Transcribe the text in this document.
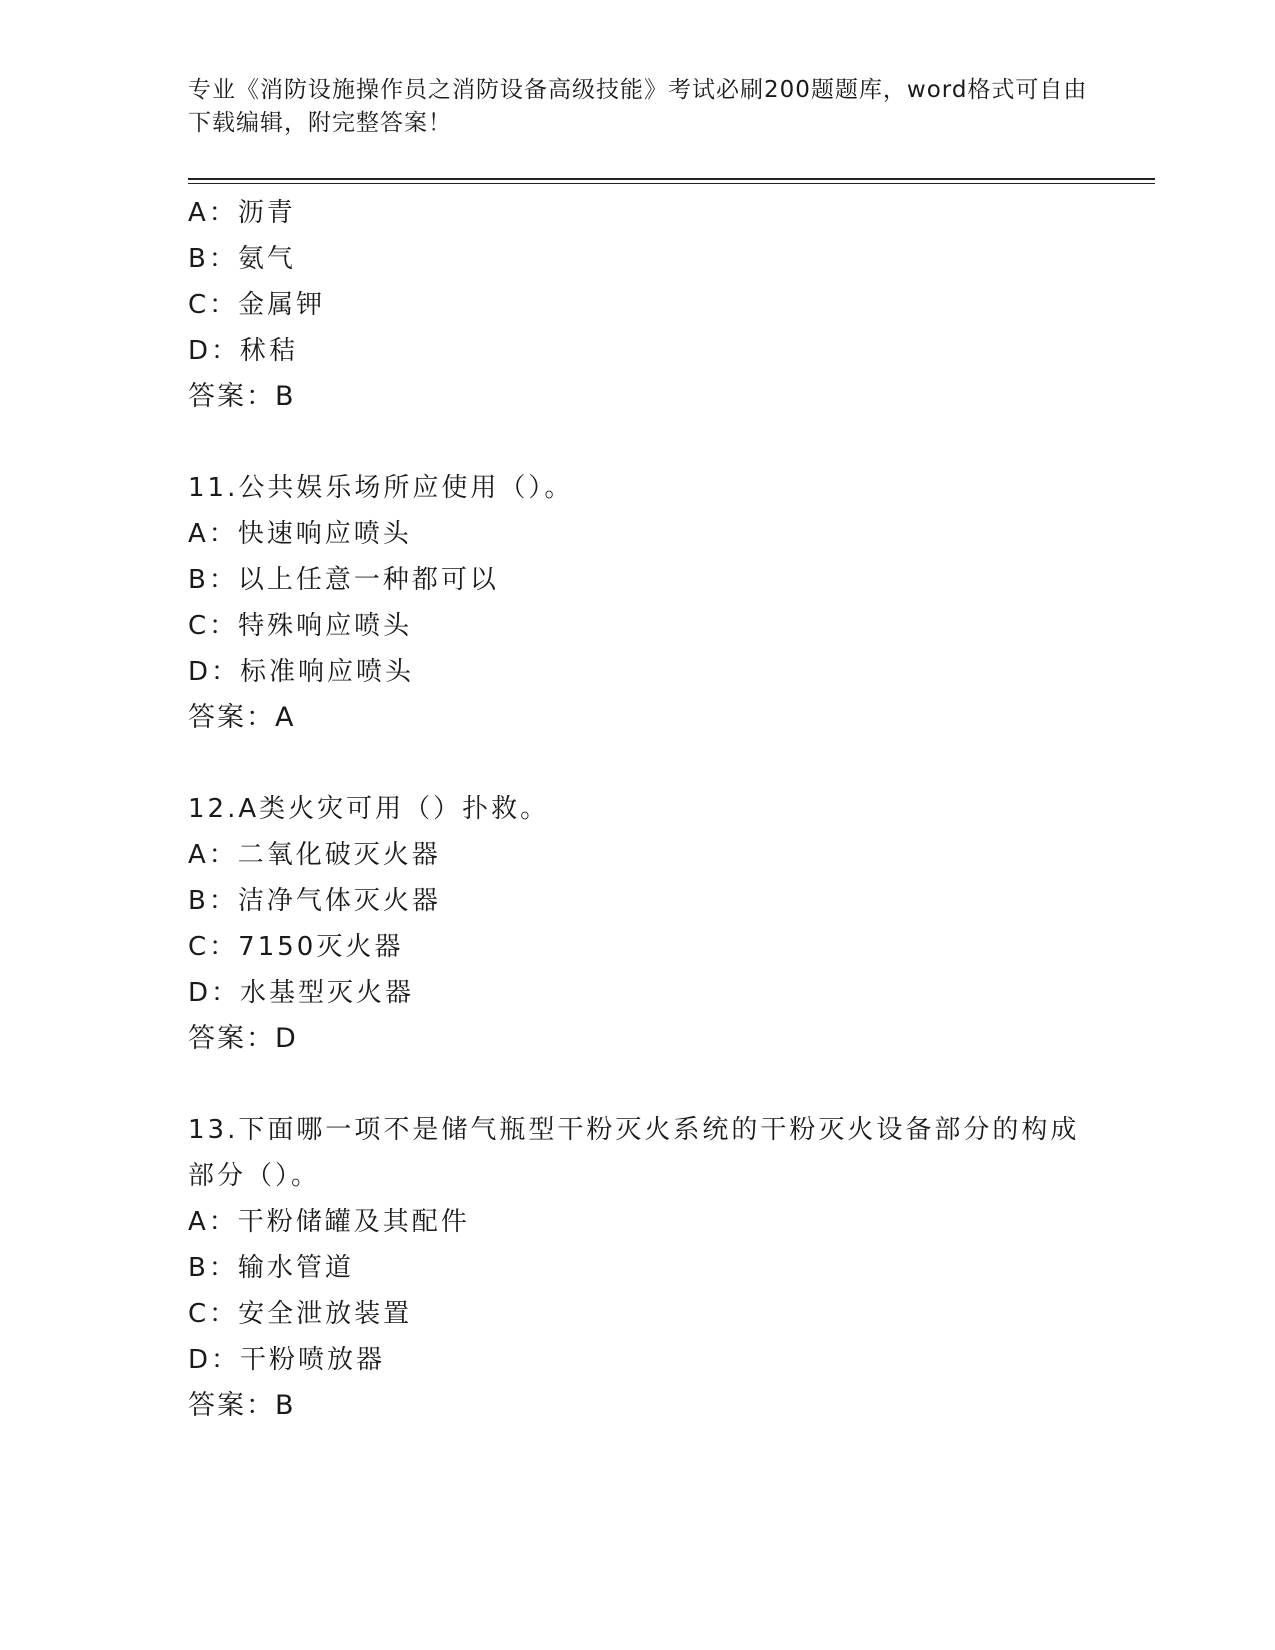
专业《消防设施操作员之消防设备高级技能》考试必刷200题题库，word格式可自由下载编辑，附完整答案！
A：沥青
B：氨气
C：金属钾
D：秫秸
答案：B
11.公共娱乐场所应使用（）。
A：快速响应喷头
B：以上任意一种都可以
C：特殊响应喷头
D：标准响应喷头
答案：A
12.A类火灾可用（）扑救。
A：二氧化破灭火器
B：洁净气体灭火器
C：7150灭火器
D：水基型灭火器
答案：D
13.下面哪一项不是储气瓶型干粉灭火系统的干粉灭火设备部分的构成部分（）。
A：干粉储罐及其配件
B：输水管道
C：安全泄放装置
D：干粉喷放器
答案：B
